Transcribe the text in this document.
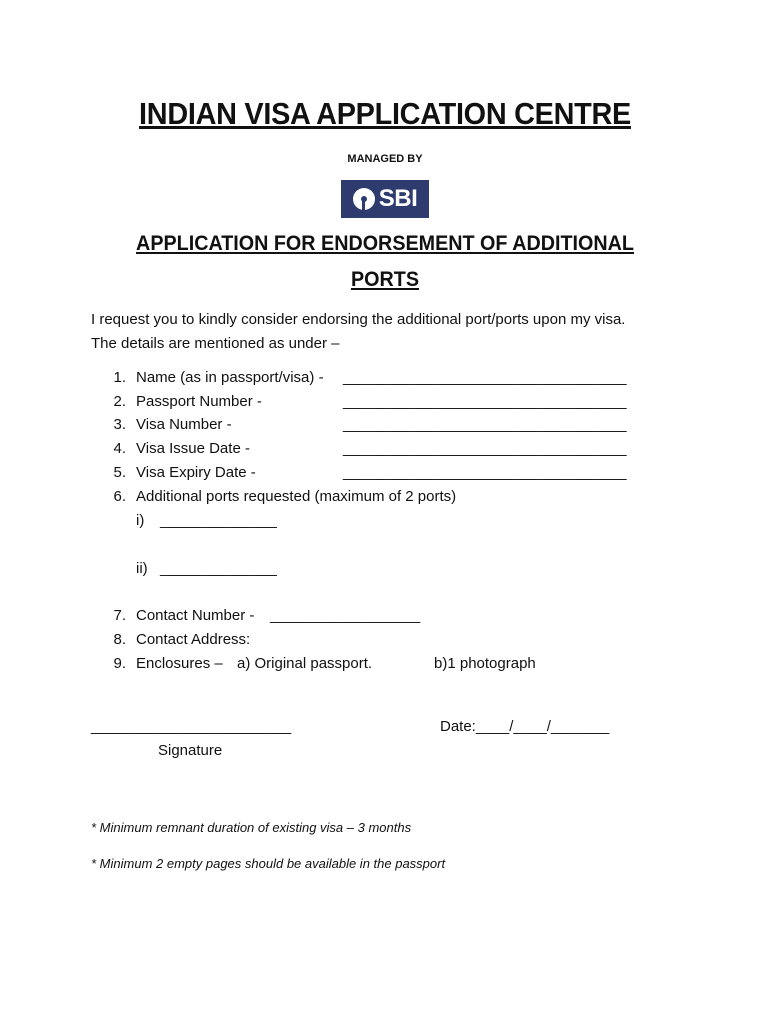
INDIAN VISA APPLICATION CENTRE
MANAGED BY
SBI
APPLICATION FOR ENDORSEMENT OF ADDITIONAL
PORTS
I request you to kindly consider endorsing the additional port/ports upon my visa.
The details are mentioned as under –
1. Name (as in passport/visa) - __________________________________
2. Passport Number -	__________________________________
3. Visa Number -	__________________________________
4. Visa Issue Date -	__________________________________
5. Visa Expiry Date -	__________________________________
6. Additional ports requested (maximum of 2 ports)
i) ______________
ii) ______________
7. Contact Number - __________________
8. Contact Address:
9. Enclosures – a) Original passport.	b)1 photograph
________________________
Signature
Date:____/____/_______
* Minimum remnant duration of existing visa – 3 months
* Minimum 2 empty pages should be available in the passport
